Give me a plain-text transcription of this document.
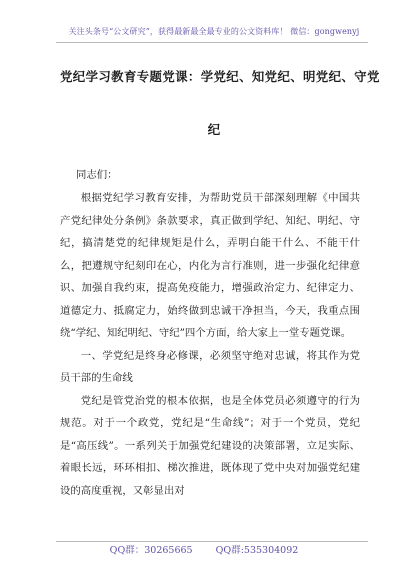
关注头条号“公文研究”，获得最新最全最专业的公文资料库！ 微信：gongwenyj
党纪学习教育专题党课：学党纪、知党纪、明党纪、守党
纪
同志们：

根据党纪学习教育安排，为帮助党员干部深刻理解《中国共产党纪律处分条例》条款要求，真正做到学纪、知纪、明纪、守纪，搞清楚党的纪律规矩是什么，弄明白能干什么、不能干什么，把遵规守纪刻印在心，内化为言行准则，进一步强化纪律意识、加强自我约束，提高免疫能力，增强政治定力、纪律定力、道德定力、抵腐定力，始终做到忠诚干净担当，今天，我重点围绕“学纪、知纪明纪、守纪”四个方面，给大家上一堂专题党课。

一、学党纪是终身必修课，必须坚守绝对忠诚，将其作为党员干部的生命线

党纪是管党治党的根本依据，也是全体党员必须遵守的行为规范。对于一个政党，党纪是“生命线”；对于一个党员，党纪是“高压线”。一系列关于加强党纪建设的决策部署，立足实际、着眼长远，环环相扣、梯次推进，既体现了党中央对加强党纪建设的高度重视，又彰显出对

QQ群：30265665 QQ群:535304092
